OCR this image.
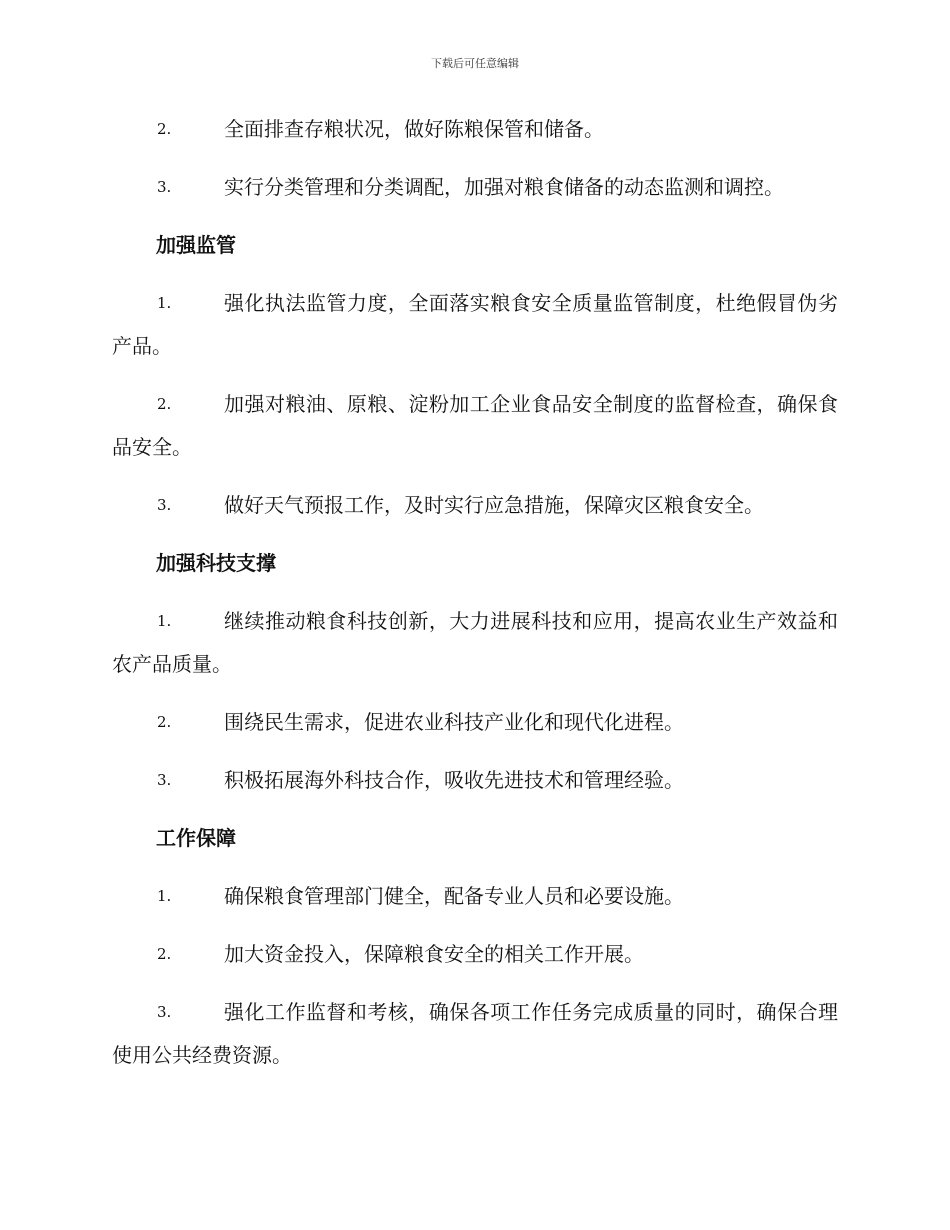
下载后可任意编辑
2.	全面排查存粮状况，做好陈粮保管和储备。
3.	实行分类管理和分类调配，加强对粮食储备的动态监测和调控。
加强监管
1.	强化执法监管力度，全面落实粮食安全质量监管制度，杜绝假冒伪劣产品。
2.	加强对粮油、原粮、淀粉加工企业食品安全制度的监督检查，确保食品安全。
3.	做好天气预报工作，及时实行应急措施，保障灾区粮食安全。
加强科技支撑
1.	继续推动粮食科技创新，大力进展科技和应用，提高农业生产效益和农产品质量。
2.	围绕民生需求，促进农业科技产业化和现代化进程。
3.	积极拓展海外科技合作，吸收先进技术和管理经验。
工作保障
1.	确保粮食管理部门健全，配备专业人员和必要设施。
2.	加大资金投入，保障粮食安全的相关工作开展。
3.	强化工作监督和考核，确保各项工作任务完成质量的同时，确保合理使用公共经费资源。
